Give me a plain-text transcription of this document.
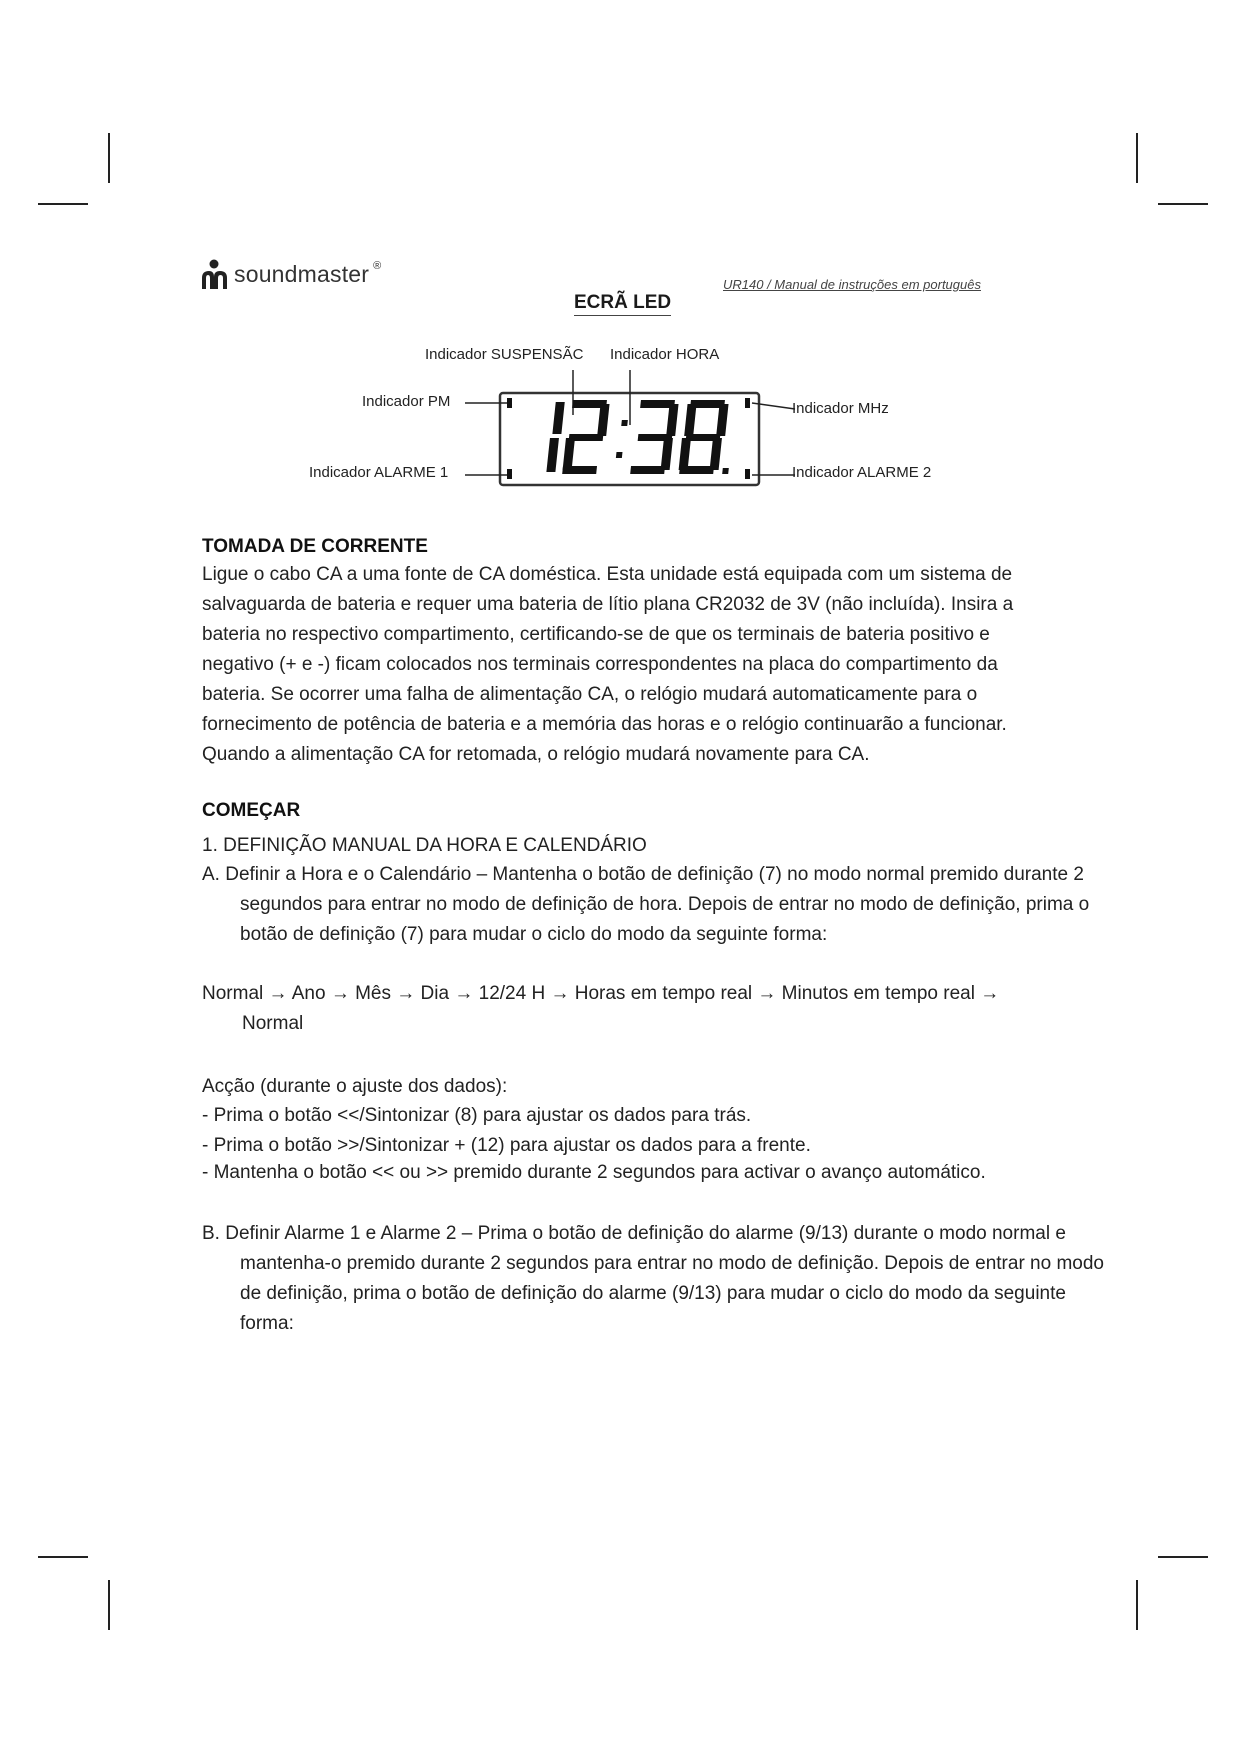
soundmaster ®
UR140 / Manual de instruções em português
ECRÃ LED
Indicador SUSPENSÃC Indicador HORA
Indicador PM	Indicador MHz
Indicador ALARME 1	Indicador ALARME 2
TOMADA DE CORRENTE

Ligue o cabo CA a uma fonte de CA doméstica. Esta unidade está equipada com um sistema de salvaguarda de bateria e requer uma bateria de lítio plana CR2032 de 3V (não incluída). Insira a bateria no respectivo compartimento, certificando-se de que os terminais de bateria positivo e negativo (+ e -) ficam colocados nos terminais correspondentes na placa do compartimento da bateria. Se ocorrer uma falha de alimentação CA, o relógio mudará automaticamente para o fornecimento de potência de bateria e a memória das horas e o relógio continuarão a funcionar. Quando a alimentação CA for retomada, o relógio mudará novamente para CA.

COMEÇAR
1. DEFINIÇÃO MANUAL DA HORA E CALENDÁRIO

A. Definir a Hora e o Calendário – Mantenha o botão de definição (7) no modo normal premido durante 2 segundos para entrar no modo de definição de hora. Depois de entrar no modo de definição, prima o botão de definição (7) para mudar o ciclo do modo da seguinte forma:

Normal → Ano → Mês → Dia → 12/24 H → Horas em tempo real → Minutos em tempo real →
Normal
Acção (durante o ajuste dos dados):
- Prima o botão <</Sintonizar (8) para ajustar os dados para trás.
- Prima o botão >>/Sintonizar + (12) para ajustar os dados para a frente.
- Mantenha o botão << ou >> premido durante 2 segundos para activar o avanço automático.

B. Definir Alarme 1 e Alarme 2 – Prima o botão de definição do alarme (9/13) durante o modo normal e mantenha-o premido durante 2 segundos para entrar no modo de definição. Depois de entrar no modo de definição, prima o botão de definição do alarme (9/13) para mudar o ciclo do modo da seguinte forma:
